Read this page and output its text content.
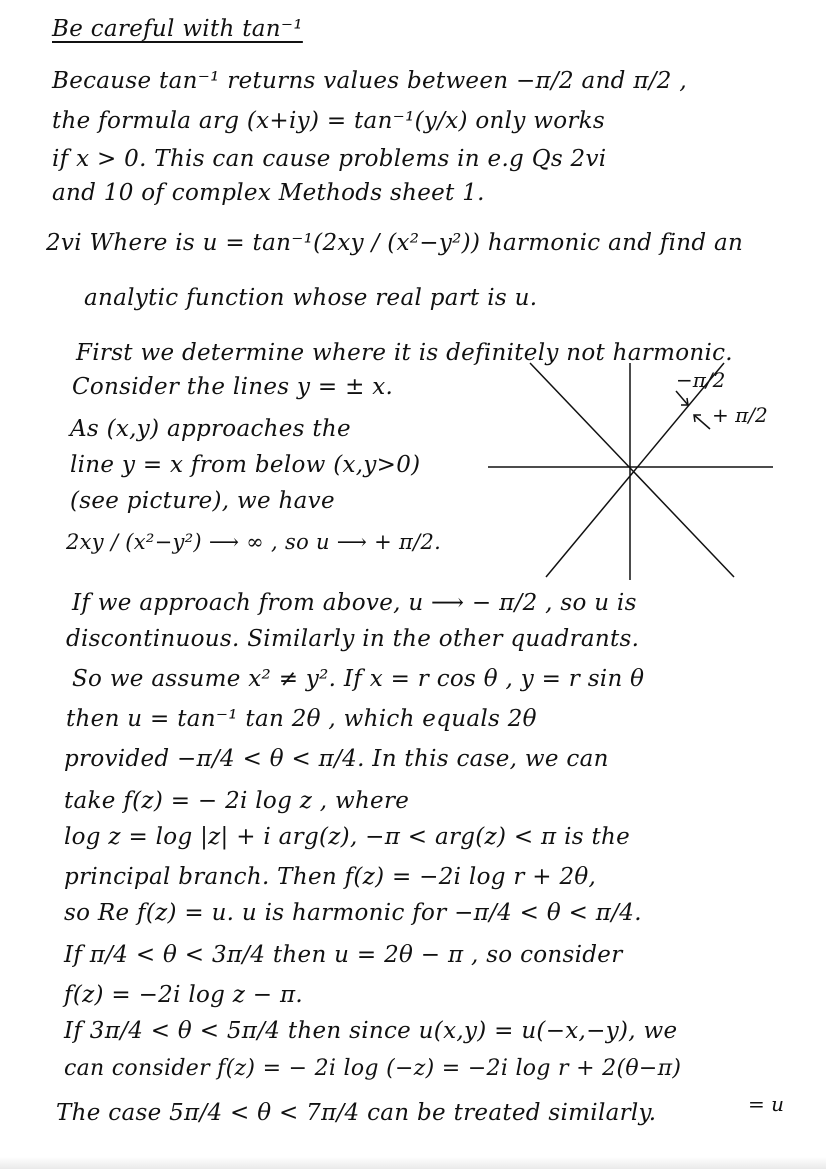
Be careful with tan⁻¹
Because tan⁻¹ returns values between −π/2 and π/2 ,
the formula arg (x+iy) = tan⁻¹(y/x) only works
if x > 0. This can cause problems in e.g Qs 2vi
and 10 of complex Methods sheet 1.
2vi Where is u = tan⁻¹(2xy / (x²−y²)) harmonic and find an
analytic function whose real part is u.
First we determine where it is definitely not harmonic.
Consider the lines y = ± x.
As (x,y) approaches the
line y = x from below (x,y>0)
(see picture), we have
2xy / (x²−y²) ⟶ ∞ , so u ⟶ + π/2.
−π/2
+ π/2
If we approach from above, u ⟶ − π/2 , so u is
discontinuous. Similarly in the other quadrants.
So we assume x² ≠ y². If x = r cos θ , y = r sin θ
then u = tan⁻¹ tan 2θ , which equals 2θ
provided −π/4 < θ < π/4. In this case, we can
take f(z) = − 2i log z , where
log z = log |z| + i arg(z), −π < arg(z) < π is the
principal branch. Then f(z) = −2i log r + 2θ,
so Re f(z) = u. u is harmonic for −π/4 < θ < π/4.
If π/4 < θ < 3π/4 then u = 2θ − π , so consider
f(z) = −2i log z − π.
If 3π/4 < θ < 5π/4 then since u(x,y) = u(−x,−y), we
can consider f(z) = − 2i log (−z) = −2i log r + 2(θ−π)
= u
The case 5π/4 < θ < 7π/4 can be treated similarly.
